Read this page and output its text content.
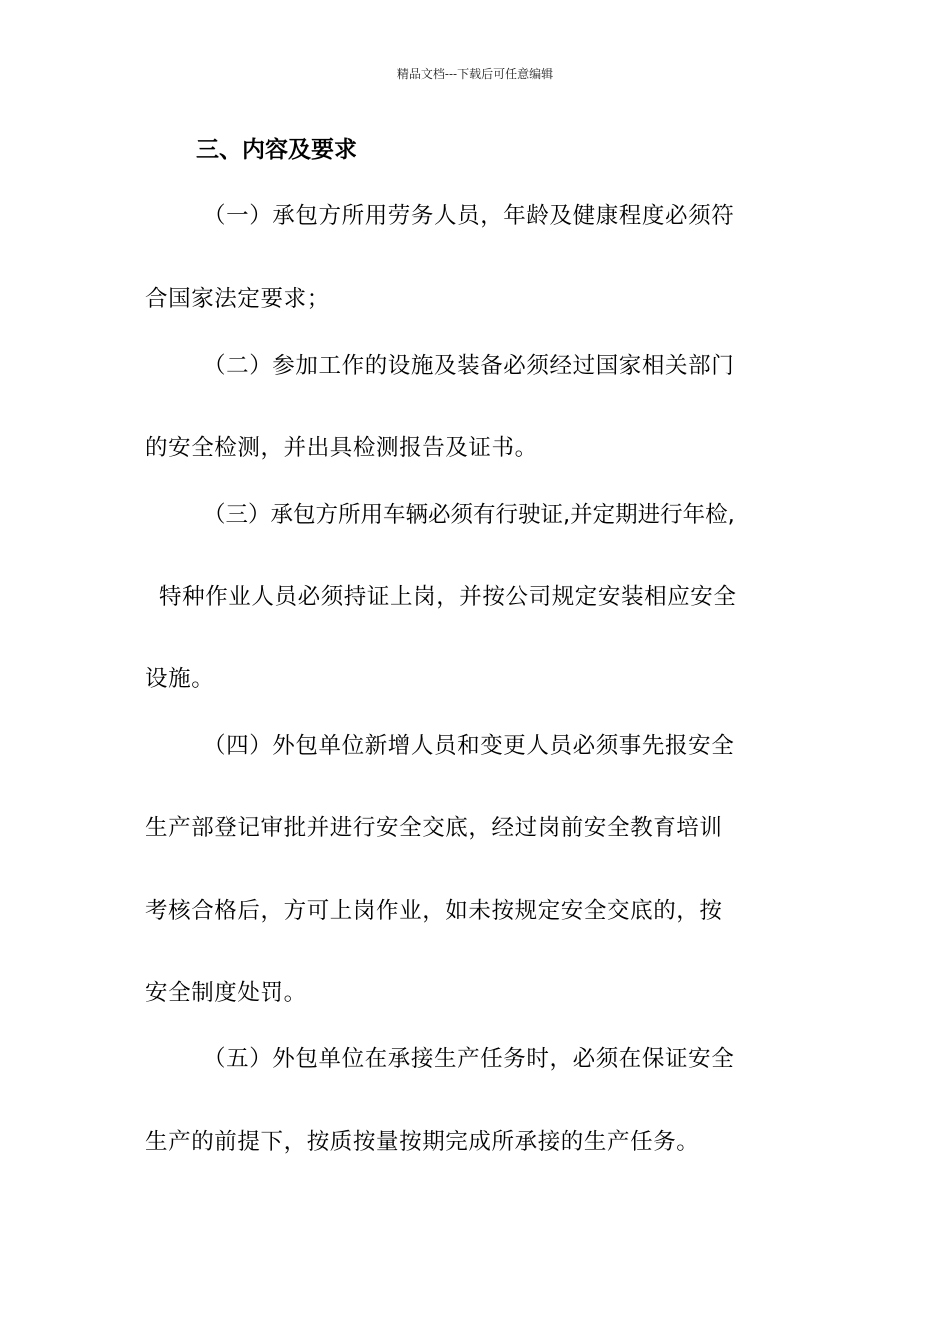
精品文档---下载后可任意编辑
三、内容及要求
（一）承包方所用劳务人员，年龄及健康程度必须符
合国家法定要求；
（二）参加工作的设施及装备必须经过国家相关部门
的安全检测，并出具检测报告及证书。
（三）承包方所用车辆必须有行驶证,并定期进行年检,
特种作业人员必须持证上岗，并按公司规定安装相应安全
设施。
（四）外包单位新增人员和变更人员必须事先报安全
生产部登记审批并进行安全交底，经过岗前安全教育培训
考核合格后，方可上岗作业，如未按规定安全交底的，按
安全制度处罚。
（五）外包单位在承接生产任务时，必须在保证安全
生产的前提下，按质按量按期完成所承接的生产任务。
